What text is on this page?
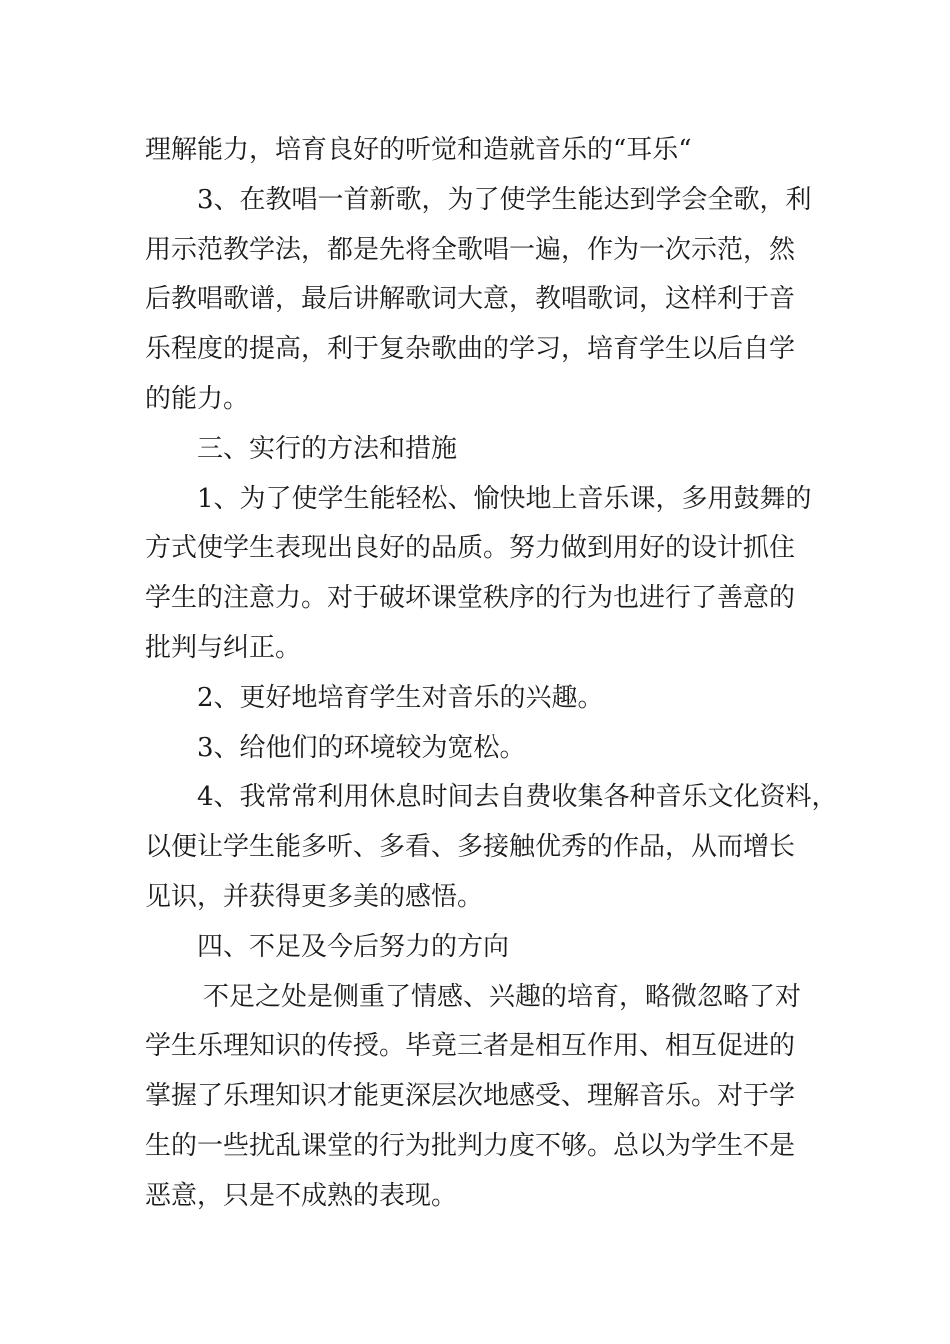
理解能力，培育良好的听觉和造就音乐的“耳乐“
3、在教唱一首新歌，为了使学生能达到学会全歌，利
用示范教学法，都是先将全歌唱一遍，作为一次示范，然
后教唱歌谱，最后讲解歌词大意，教唱歌词，这样利于音
乐程度的提高，利于复杂歌曲的学习，培育学生以后自学
的能力。
三、实行的方法和措施
1、为了使学生能轻松、愉快地上音乐课，多用鼓舞的
方式使学生表现出良好的品质。努力做到用好的设计抓住
学生的注意力。对于破坏课堂秩序的行为也进行了善意的
批判与纠正。
2、更好地培育学生对音乐的兴趣。
3、给他们的环境较为宽松。
4、我常常利用休息时间去自费收集各种音乐文化资料，
以便让学生能多听、多看、多接触优秀的作品，从而增长
见识，并获得更多美的感悟。
四、不足及今后努力的方向
不足之处是侧重了情感、兴趣的培育，略微忽略了对
学生乐理知识的传授。毕竟三者是相互作用、相互促进的
掌握了乐理知识才能更深层次地感受、理解音乐。对于学
生的一些扰乱课堂的行为批判力度不够。总以为学生不是
恶意，只是不成熟的表现。
